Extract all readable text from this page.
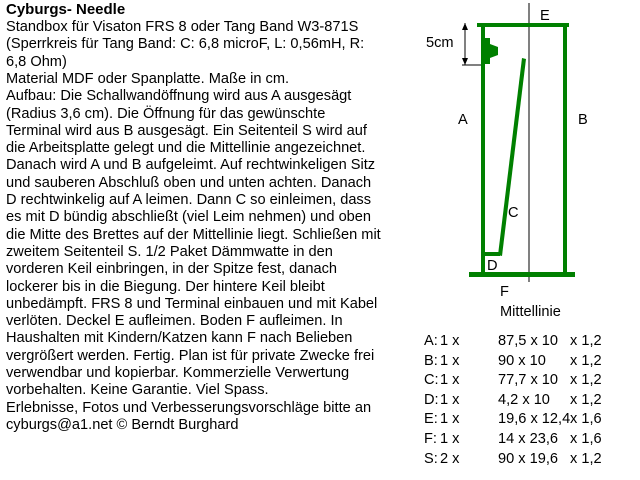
Cyburgs- Needle
Standbox für Visaton FRS 8 oder Tang Band W3-871S
(Sperrkreis für Tang Band: C: 6,8 microF, L: 0,56mH, R:
6,8 Ohm)
Material MDF oder Spanplatte. Maße in cm.
Aufbau: Die Schallwandöffnung wird aus A ausgesägt
(Radius 3,6 cm). Die Öffnung für das gewünschte
Terminal wird aus B ausgesägt. Ein Seitenteil S wird auf
die Arbeitsplatte gelegt und die Mittellinie angezeichnet.
Danach wird A und B aufgeleimt. Auf rechtwinkeligen Sitz
und sauberen Abschluß oben und unten achten. Danach
D rechtwinkelig auf A leimen. Dann C so einleimen, dass
es mit D bündig abschließt (viel Leim nehmen) und oben
die Mitte des Brettes auf der Mittellinie liegt. Schließen mit
zweitem Seitenteil S. 1/2 Paket Dämmwatte in den
vorderen Keil einbringen, in der Spitze fest, danach
lockerer bis in die Biegung. Der hintere Keil bleibt
unbedämpft. FRS 8 und Terminal einbauen und mit Kabel
verlöten. Deckel E aufleimen. Boden F aufleimen. In
Haushalten mit Kindern/Katzen kann F nach Belieben
vergrößert werden. Fertig. Plan ist für private Zwecke frei
verwendbar und kopierbar. Kommerzielle Verwertung
vorbehalten. Keine Garantie. Viel Spass.
Erlebnisse, Fotos und Verbesserungsvorschläge bitte an
cyburgs@a1.net © Berndt Burghard
E
5cm
A	B
C
D
F
Mittellinie
A: 1 x	87,5 x 10 x 1,2
B: 1 x	90 x 10 x 1,2
C: 1 x	77,7 x 10 x 1,2
D: 1 x	4,2 x 10 x 1,2
E: 1 x	19,6 x 12,4 x 1,6
F: 1 x	14 x 23,6 x 1,6
S: 2 x	90 x 19,6 x 1,2
